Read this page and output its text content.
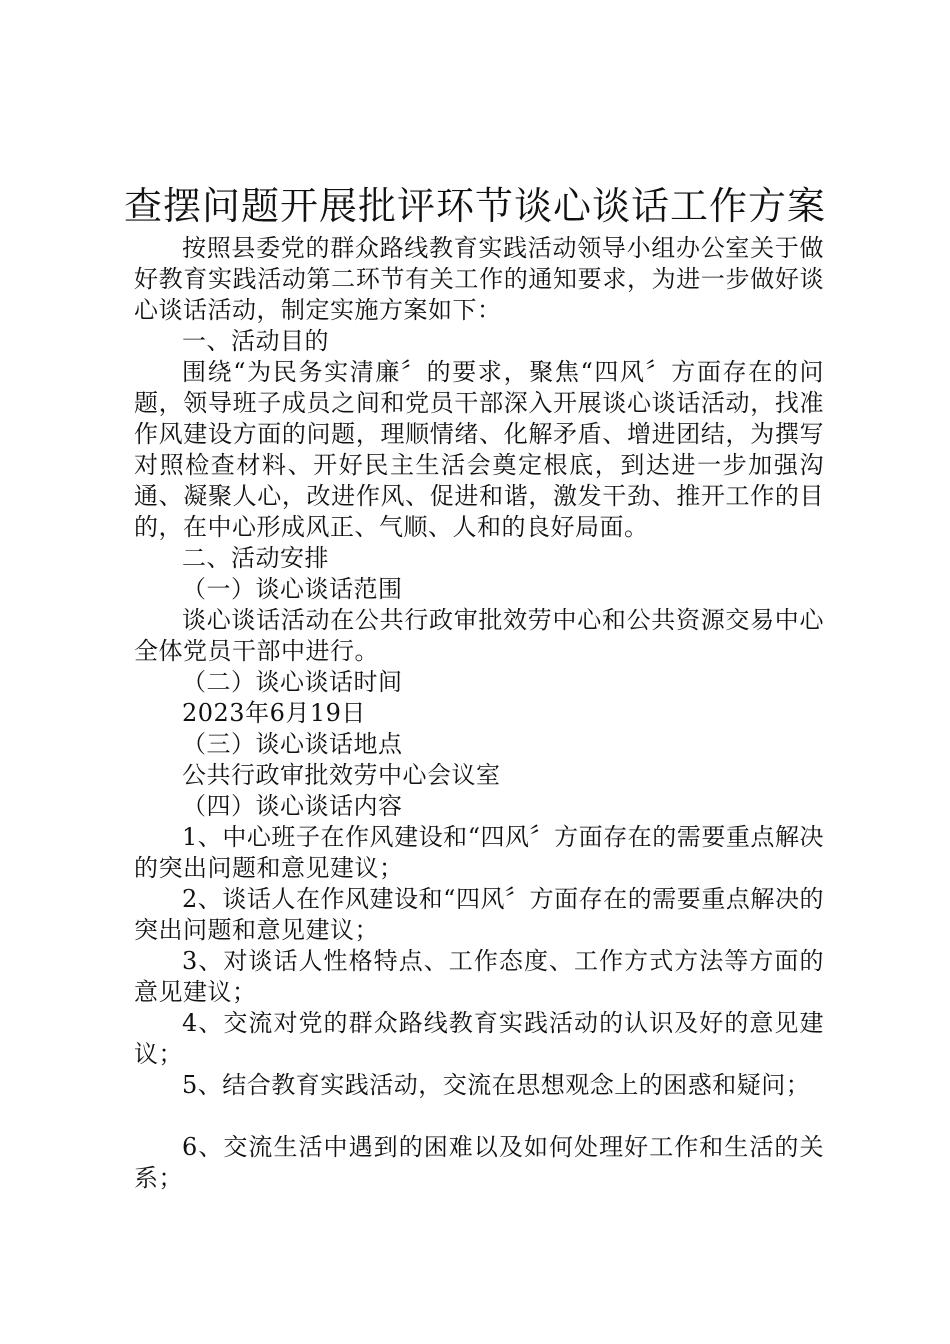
查摆问题开展批评环节谈心谈话工作方案

按照县委党的群众路线教育实践活动领导小组办公室关于做好教育实践活动第二环节有关工作的通知要求，为进一步做好谈心谈话活动，制定实施方案如下：

一、活动目的

围绕“为民务实清廉〞的要求，聚焦“四风〞方面存在的问题，领导班子成员之间和党员干部深入开展谈心谈话活动，找准作风建设方面的问题，理顺情绪、化解矛盾、增进团结，为撰写对照检查材料、开好民主生活会奠定根底，到达进一步加强沟通、凝聚人心，改进作风、促进和谐，激发干劲、推开工作的目的，在中心形成风正、气顺、人和的良好局面。

二、活动安排

（一）谈心谈话范围

谈心谈话活动在公共行政审批效劳中心和公共资源交易中心全体党员干部中进行。

（二）谈心谈话时间

2023年6月19日

（三）谈心谈话地点

公共行政审批效劳中心会议室

（四）谈心谈话内容

1、中心班子在作风建设和“四风〞方面存在的需要重点解决的突出问题和意见建议；

2、谈话人在作风建设和“四风〞方面存在的需要重点解决的突出问题和意见建议；

3、对谈话人性格特点、工作态度、工作方式方法等方面的意见建议；

4、交流对党的群众路线教育实践活动的认识及好的意见建议；

5、结合教育实践活动，交流在思想观念上的困惑和疑问；

6、交流生活中遇到的困难以及如何处理好工作和生活的关系；
